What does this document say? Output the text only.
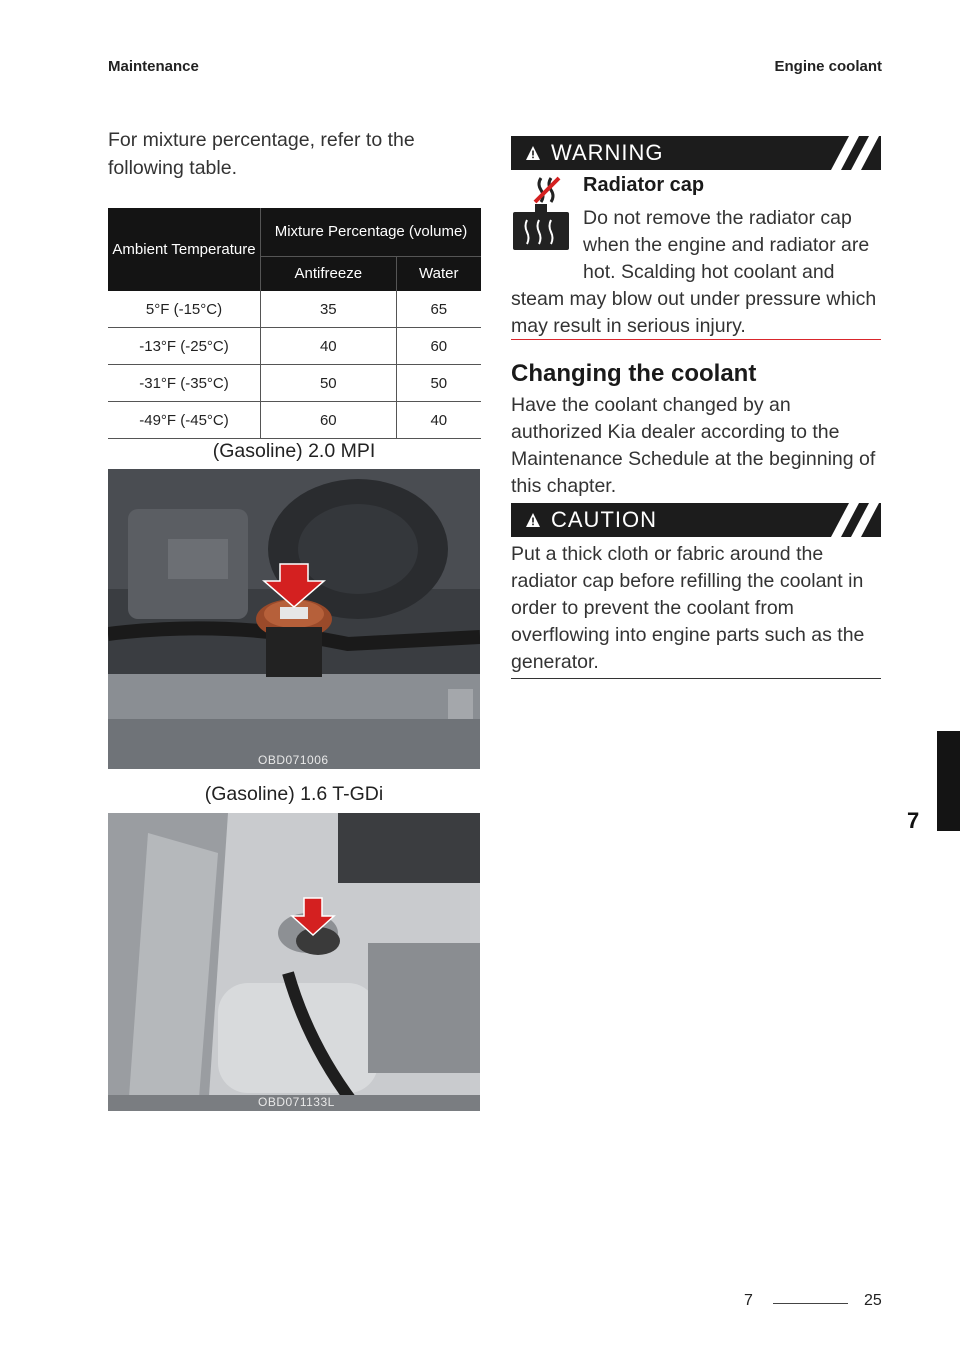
Maintenance	Engine coolant
For mixture percentage, refer to the following table.
Ambient Temperature	Mixture Percentage (volume)	
	Antifreeze	Water
5°F (-15°C)	35	65
-13°F (-25°C)	40	60
-31°F (-35°C)	50	50
-49°F (-45°C)	60	40
(Gasoline) 2.0 MPI
OBD071006
(Gasoline) 1.6 T-GDi
OBD071133L
WARNING
Radiator cap
Do not remove the radiator cap when the engine and radiator are hot. Scalding hot coolant and
steam may blow out under pressure which may result in serious injury.
Changing the coolant
Have the coolant changed by an authorized Kia dealer according to the Maintenance Schedule at the beginning of this chapter.
CAUTION
Put a thick cloth or fabric around the radiator cap before refilling the coolant in order to prevent the coolant from overflowing into engine parts such as the generator.
7
7	25
